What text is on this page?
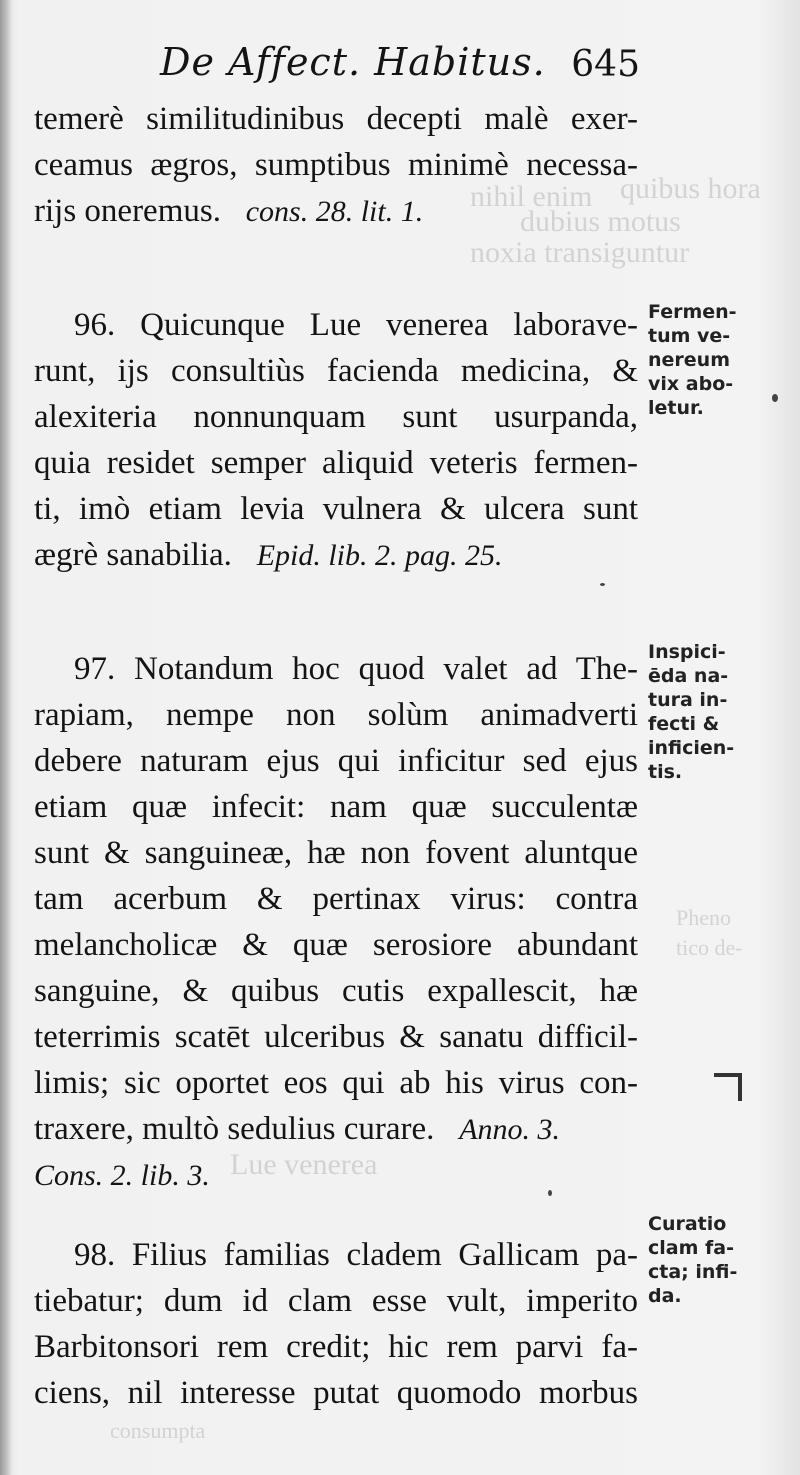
nihil enim
dubius motus
noxia transiguntur
quibus hora
Pheno
tico de-
Lue venerea
consumpta
De Affect. Habitus. 645
temerè similitudinibus decepti malè exer-
ceamus ægros, sumptibus minimè necessa-
rijs oneremus. cons. 28. lit. 1.
96. Quicunque Lue venerea laborave-
runt, ijs consultiùs facienda medicina, &
alexiteria nonnunquam sunt usurpanda,
quia residet semper aliquid veteris fermen-
ti, imò etiam levia vulnera & ulcera sunt
ægrè sanabilia. Epid. lib. 2. pag. 25.
Fermen-
tum ve-
nereum
vix abo-
letur.
97. Notandum hoc quod valet ad The-
rapiam, nempe non solùm animadverti
debere naturam ejus qui inficitur sed ejus
etiam quæ infecit: nam quæ succulentæ
sunt & sanguineæ, hæ non fovent aluntque
tam acerbum & pertinax virus: contra
melancholicæ & quæ serosiore abundant
sanguine, & quibus cutis expallescit, hæ
teterrimis scatēt ulceribus & sanatu difficil-
limis; sic oportet eos qui ab his virus con-
traxere, multò sedulius curare. Anno. 3.
Cons. 2. lib. 3.
Inspici-
ēda na-
tura in-
fecti &
inficien-
tis.
98. Filius familias cladem Gallicam pa-
tiebatur; dum id clam esse vult, imperito
Barbitonsori rem credit; hic rem parvi fa-
ciens, nil interesse putat quomodo morbus
Curatio
clam fa-
cta; infi-
da.
